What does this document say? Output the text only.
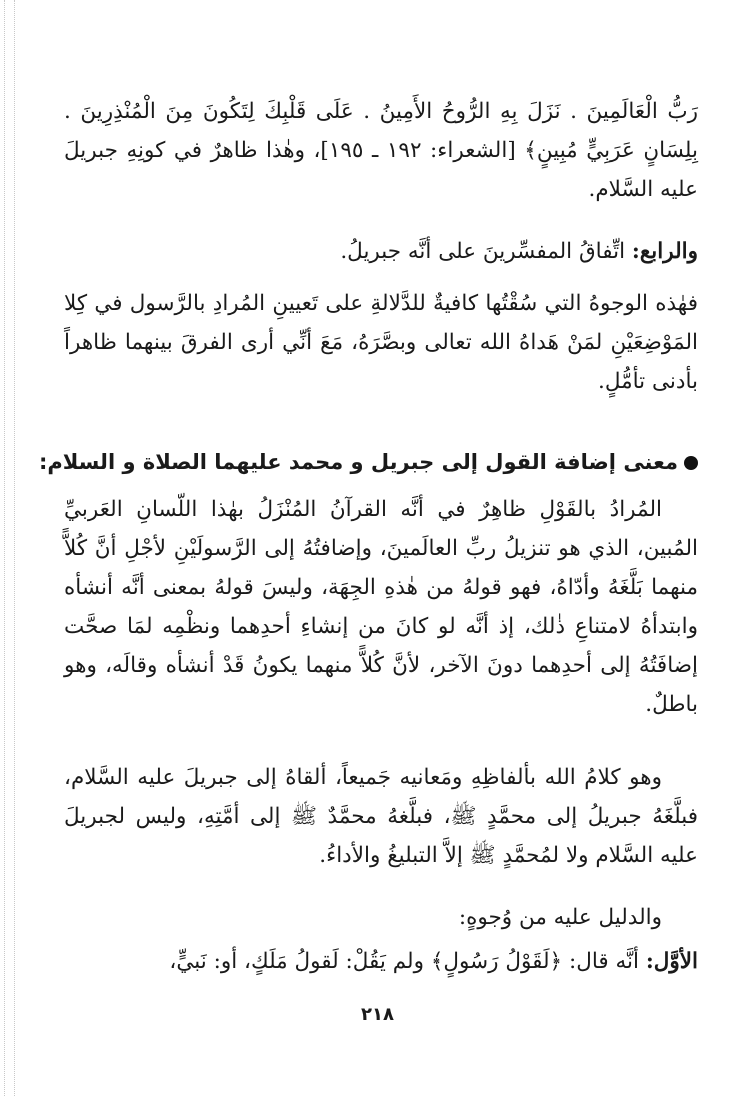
رَبُّ الْعَالَمِينَ . نَزَلَ بِهِ الرُّوحُ الأَمِينُ . عَلَى قَلْبِكَ لِتَكُونَ مِنَ الْمُنْذِرِينَ . بِلِسَانٍ عَرَبِيٍّ مُبِينٍ﴾ [الشعراء: ١٩٢ ـ ١٩٥]، وهٰذا ظاهرٌ في كونِهِ جبريلَ عليه السَّلام.

والرابع: اتِّفاقُ المفسِّرينَ على أنَّه جبريلُ.

فهٰذه الوجوهُ التي سُقْتُها كافيةٌ للدَّلالةِ على تَعيينِ المُرادِ بالرَّسول في كِلا المَوْضِعَيْنِ لمَنْ هَداهُ الله تعالى وبصَّرَهُ، مَعَ أنِّي أرى الفرقَ بينهما ظاهراً بأدنى تأمُّلٍ.

معنى إضافة القول إلى جبريل و محمد عليهما الصلاة و السلام:

المُرادُ بالقَوْلِ ظاهِرٌ في أنَّه القرآنُ المُنْزَلُ بهٰذا اللّسانِ العَربيِّ المُبين، الذي هو تنزيلُ ربِّ العالَمينَ، وإضافتُهُ إلى الرَّسولَيْنِ لأجْلِ أنَّ كُلاًّ منهما بَلَّغَهُ وأدّاهُ، فهو قولهُ من هٰذهِ الجِهَة، وليسَ قولهُ بمعنى أنَّه أنشأه وابتدأهُ لامتناعِ ذٰلك، إذ أنَّه لو كانَ من إنشاءِ أحدِهما ونظْمِه لمَا صحَّت إضافَتُهُ إلى أحدِهما دونَ الآخر، لأنَّ كُلاًّ منهما يكونُ قَدْ أنشأه وقالَه، وهو باطلٌ.

وهو كلامُ الله بألفاظِهِ ومَعانيه جَميعاً، ألقاهُ إلى جبريلَ عليه السَّلام، فبلَّغَهُ جبريلُ إلى محمَّدٍ ﷺ، فبلَّغهُ محمَّدٌ ﷺ إلى أمَّتِهِ، وليس لجبريلَ عليه السَّلام ولا لمُحمَّدٍ ﷺ إلاَّ التبليغُ والأداءُ.

والدليل عليه من وُجوهٍ:

الأوَّل: أنَّه قال: ﴿لَقَوْلُ رَسُولٍ﴾ ولم يَقُلْ: لَقولُ مَلَكٍ، أو: نَبيٍّ،

٢١٨
